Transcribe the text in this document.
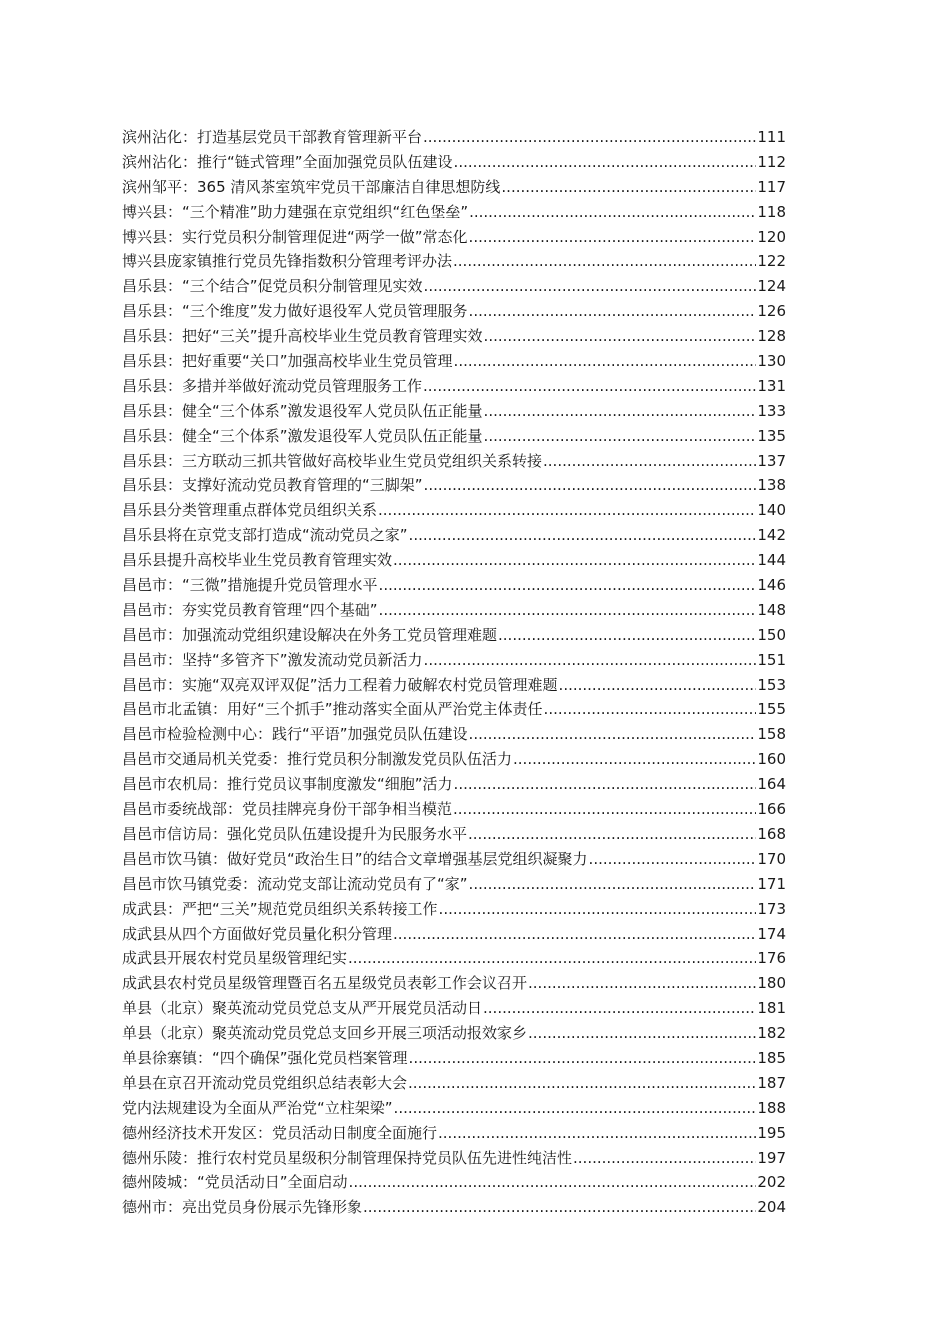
滨州沾化：打造基层党员干部教育管理新平台 .....	111
滨州沾化：推行“链式管理”全面加强党员队伍建设 .....	112
滨州邹平：365 清风茶室筑牢党员干部廉洁自律思想防线 .....	117
博兴县：“三个精准”助力建强在京党组织“红色堡垒” .....	118
博兴县：实行党员积分制管理促进“两学一做”常态化 .....	120
博兴县庞家镇推行党员先锋指数积分管理考评办法 .....	122
昌乐县：“三个结合”促党员积分制管理见实效 .....	124
昌乐县：“三个维度”发力做好退役军人党员管理服务 .....	126
昌乐县：把好“三关”提升高校毕业生党员教育管理实效 .....	128
昌乐县：把好重要“关口”加强高校毕业生党员管理 .....	130
昌乐县：多措并举做好流动党员管理服务工作 .....	131
昌乐县：健全“三个体系”激发退役军人党员队伍正能量 .....	133
昌乐县：健全“三个体系”激发退役军人党员队伍正能量 .....	135
昌乐县：三方联动三抓共管做好高校毕业生党员党组织关系转接 .....	137
昌乐县：支撑好流动党员教育管理的“三脚架” .....	138
昌乐县分类管理重点群体党员组织关系 .....	140
昌乐县将在京党支部打造成“流动党员之家” .....	142
昌乐县提升高校毕业生党员教育管理实效 .....	144
昌邑市：“三微”措施提升党员管理水平 .....	146
昌邑市：夯实党员教育管理“四个基础” .....	148
昌邑市：加强流动党组织建设解决在外务工党员管理难题 .....	150
昌邑市：坚持“多管齐下”激发流动党员新活力 .....	151
昌邑市：实施“双亮双评双促”活力工程着力破解农村党员管理难题 .....	153
昌邑市北孟镇：用好“三个抓手”推动落实全面从严治党主体责任 .....	155
昌邑市检验检测中心：践行“平语”加强党员队伍建设 .....	158
昌邑市交通局机关党委：推行党员积分制激发党员队伍活力 .....	160
昌邑市农机局：推行党员议事制度激发“细胞”活力 .....	164
昌邑市委统战部：党员挂牌亮身份干部争相当模范 .....	166
昌邑市信访局：强化党员队伍建设提升为民服务水平 .....	168
昌邑市饮马镇：做好党员“政治生日”的结合文章增强基层党组织凝聚力 .....	170
昌邑市饮马镇党委：流动党支部让流动党员有了“家” .....	171
成武县：严把“三关”规范党员组织关系转接工作 .....	173
成武县从四个方面做好党员量化积分管理 .....	174
成武县开展农村党员星级管理纪实 .....	176
成武县农村党员星级管理暨百名五星级党员表彰工作会议召开 .....	180
单县（北京）聚英流动党员党总支从严开展党员活动日 .....	181
单县（北京）聚英流动党员党总支回乡开展三项活动报效家乡 .....	182
单县徐寨镇：“四个确保”强化党员档案管理 .....	185
单县在京召开流动党员党组织总结表彰大会 .....	187
党内法规建设为全面从严治党“立柱架梁” .....	188
德州经济技术开发区：党员活动日制度全面施行 .....	195
德州乐陵：推行农村党员星级积分制管理保持党员队伍先进性纯洁性 .....	197
德州陵城：“党员活动日”全面启动 .....	202
德州市：亮出党员身份展示先锋形象 .....	204
